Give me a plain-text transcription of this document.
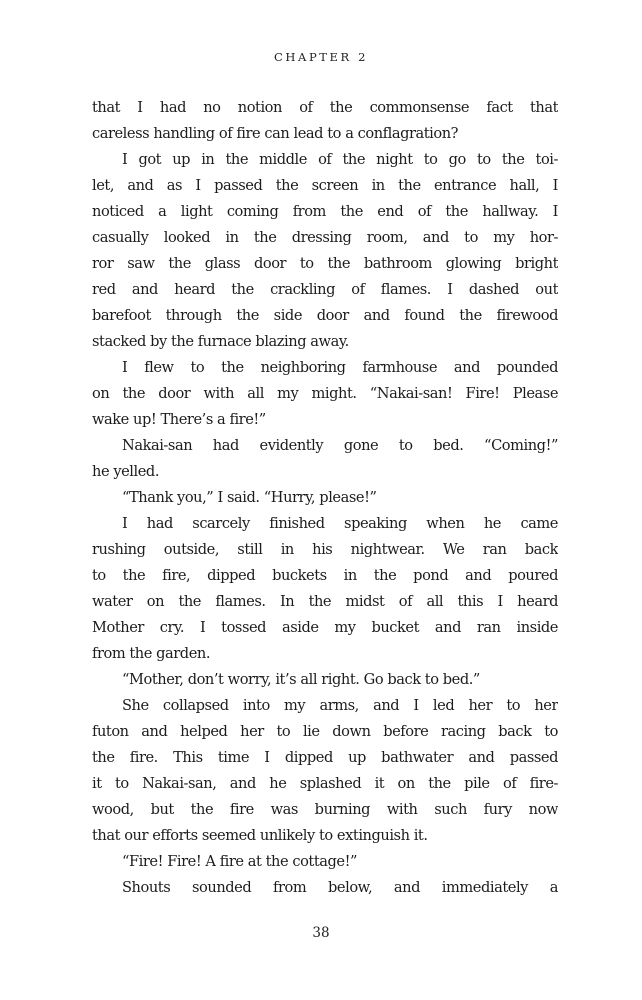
CHAPTER 2
that I had no notion of the commonsense fact that
careless handling of fire can lead to a conflagration?
I got up in the middle of the night to go to the toi-
let, and as I passed the screen in the entrance hall, I
noticed a light coming from the end of the hallway. I
casually looked in the dressing room, and to my hor-
ror saw the glass door to the bathroom glowing bright
red and heard the crackling of flames. I dashed out
barefoot through the side door and found the firewood
stacked by the furnace blazing away.
I flew to the neighboring farmhouse and pounded
on the door with all my might. “Nakai-san! Fire! Please
wake up! There’s a fire!”
Nakai-san had evidently gone to bed. “Coming!”
he yelled.
“Thank you,” I said. “Hurry, please!”
I had scarcely finished speaking when he came
rushing outside, still in his nightwear. We ran back
to the fire, dipped buckets in the pond and poured
water on the flames. In the midst of all this I heard
Mother cry. I tossed aside my bucket and ran inside
from the garden.
“Mother, don’t worry, it’s all right. Go back to bed.”
She collapsed into my arms, and I led her to her
futon and helped her to lie down before racing back to
the fire. This time I dipped up bathwater and passed
it to Nakai-san, and he splashed it on the pile of fire-
wood, but the fire was burning with such fury now
that our efforts seemed unlikely to extinguish it.
“Fire! Fire! A fire at the cottage!”
Shouts sounded from below, and immediately a
38
